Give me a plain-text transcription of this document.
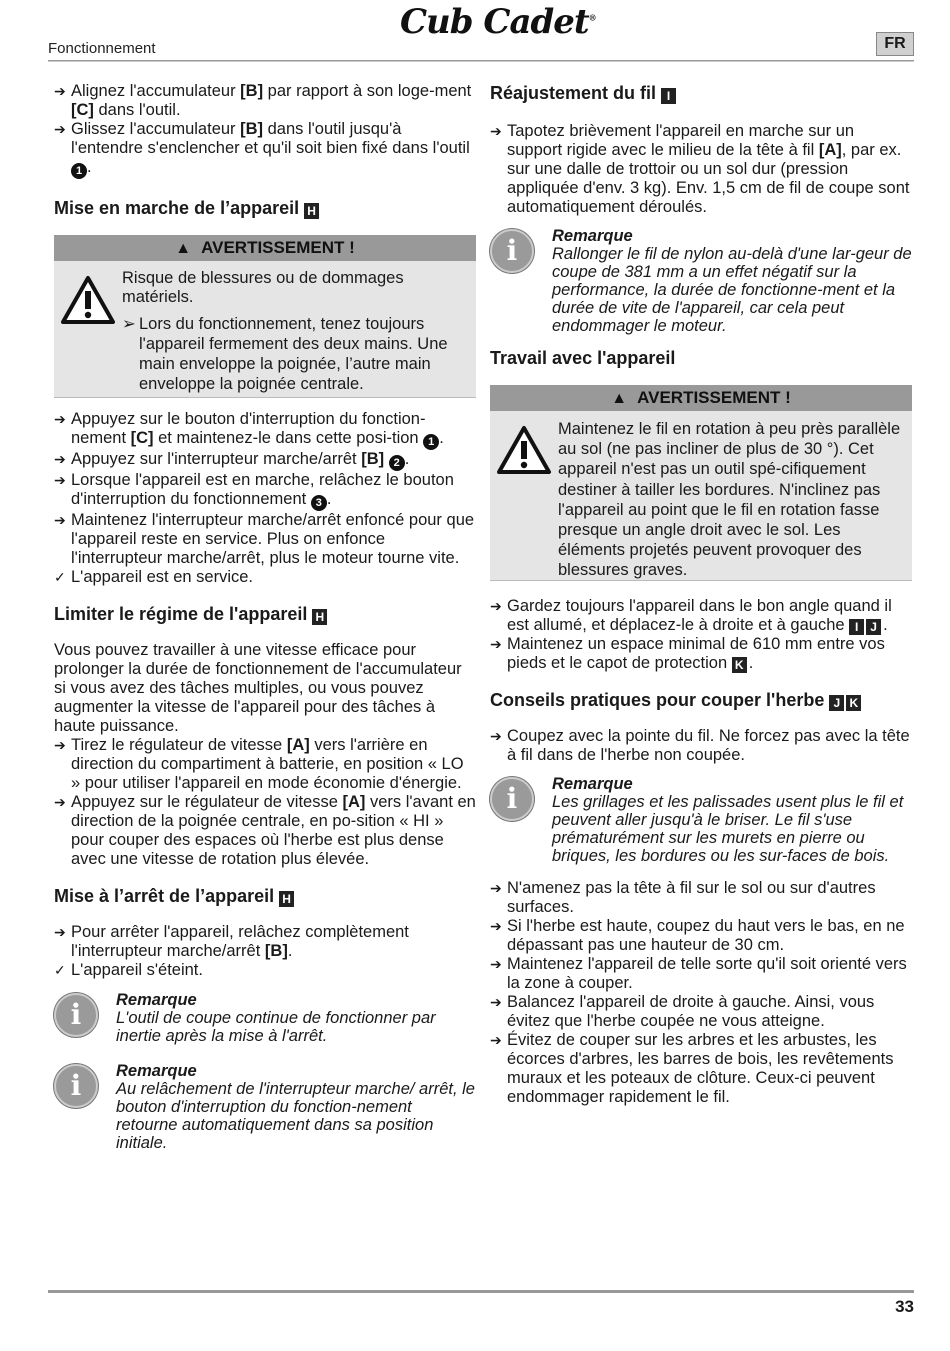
Cub Cadet®
Fonctionnement	FR
➔ Alignez l'accumulateur [B] par rapport à son loge-ment [C] dans l'outil.
➔ Glissez l'accumulateur [B] dans l'outil jusqu'à l'entendre s'enclencher et qu'il soit bien fixé dans l'outil 1 .
Mise en marche de l’appareil H
▲ AVERTISSEMENT !
Risque de blessures ou de dommages matériels.
➢ Lors du fonctionnement, tenez toujours l'appareil fermement des deux mains. Une main enveloppe la poignée, l’autre main enveloppe la poignée centrale.
➔ Appuyez sur le bouton d'interruption du fonction-nement [C] et maintenez-le dans cette posi-tion 1 .
➔ Appuyez sur l'interrupteur marche/arrêt [B] 2 .
➔ Lorsque l'appareil est en marche, relâchez le bouton d'interruption du fonctionnement 3 .
➔ Maintenez l'interrupteur marche/arrêt enfoncé pour que l'appareil reste en service. Plus on enfonce l'interrupteur marche/arrêt, plus le moteur tourne vite.
✓ L'appareil est en service.
Limiter le régime de l'appareil H
Vous pouvez travailler à une vitesse efficace pour prolonger la durée de fonctionnement de l'accumulateur si vous avez des tâches multiples, ou vous pouvez augmenter la vitesse de l'appareil pour des tâches à haute puissance.
➔ Tirez le régulateur de vitesse [A] vers l'arrière en direction du compartiment à batterie, en position « LO » pour utiliser l'appareil en mode économie d'énergie.
➔ Appuyez sur le régulateur de vitesse [A] vers l'avant en direction de la poignée centrale, en po-sition « HI » pour couper des espaces où l'herbe est plus dense avec une vitesse de rotation plus élevée.
Mise à l’arrêt de l’appareil H
➔ Pour arrêter l'appareil, relâchez complètement l'interrupteur marche/arrêt [B].
✓ L'appareil s'éteint.
i	Remarque
L'outil de coupe continue de fonctionner par inertie après la mise à l'arrêt.
i	Remarque
Au relâchement de l'interrupteur marche/ arrêt, le bouton d'interruption du fonction-nement retourne automatiquement dans sa position initiale.
Réajustement du fil I
➔ Tapotez brièvement l'appareil en marche sur un support rigide avec le milieu de la tête à fil [A], par ex. sur une dalle de trottoir ou un sol dur (pression appliquée d'env. 3 kg). Env. 1,5 cm de fil de coupe sont automatiquement déroulés.
i	Remarque
Rallonger le fil de nylon au-delà d'une lar-geur de coupe de 381 mm a un effet négatif sur la performance, la durée de fonctionne-ment et la durée de vite de l'appareil, car cela peut endommager le moteur.
Travail avec l'appareil
▲ AVERTISSEMENT !
Maintenez le fil en rotation à peu près parallèle au sol (ne pas incliner de plus de 30 °). Cet appareil n'est pas un outil spé-cifiquement destiner à tailler les bordures. N'inclinez pas l'appareil au point que le fil en rotation fasse presque un angle droit avec le sol. Les éléments projetés peuvent provoquer des blessures graves.
➔ Gardez toujours l'appareil dans le bon angle quand il est allumé, et déplacez-le à droite et à gauche I J .
➔ Maintenez un espace minimal de 610 mm entre vos pieds et le capot de protection K .
Conseils pratiques pour couper l'herbe J K
➔ Coupez avec la pointe du fil. Ne forcez pas avec la tête à fil dans de l'herbe non coupée.
i	Remarque
Les grillages et les palissades usent plus le fil et peuvent aller jusqu'à le briser. Le fil s'use prématurément sur les murets en pierre ou briques, les bordures ou les sur-faces de bois.
➔ N'amenez pas la tête à fil sur le sol ou sur d'autres surfaces.
➔ Si l'herbe est haute, coupez du haut vers le bas, en ne dépassant pas une hauteur de 30 cm.
➔ Maintenez l'appareil de telle sorte qu'il soit orienté vers la zone à couper.
➔ Balancez l'appareil de droite à gauche. Ainsi, vous évitez que l'herbe coupée ne vous atteigne.
➔ Évitez de couper sur les arbres et les arbustes, les écorces d'arbres, les barres de bois, les revêtements muraux et les poteaux de clôture. Ceux-ci peuvent endommager rapidement le fil.
33
